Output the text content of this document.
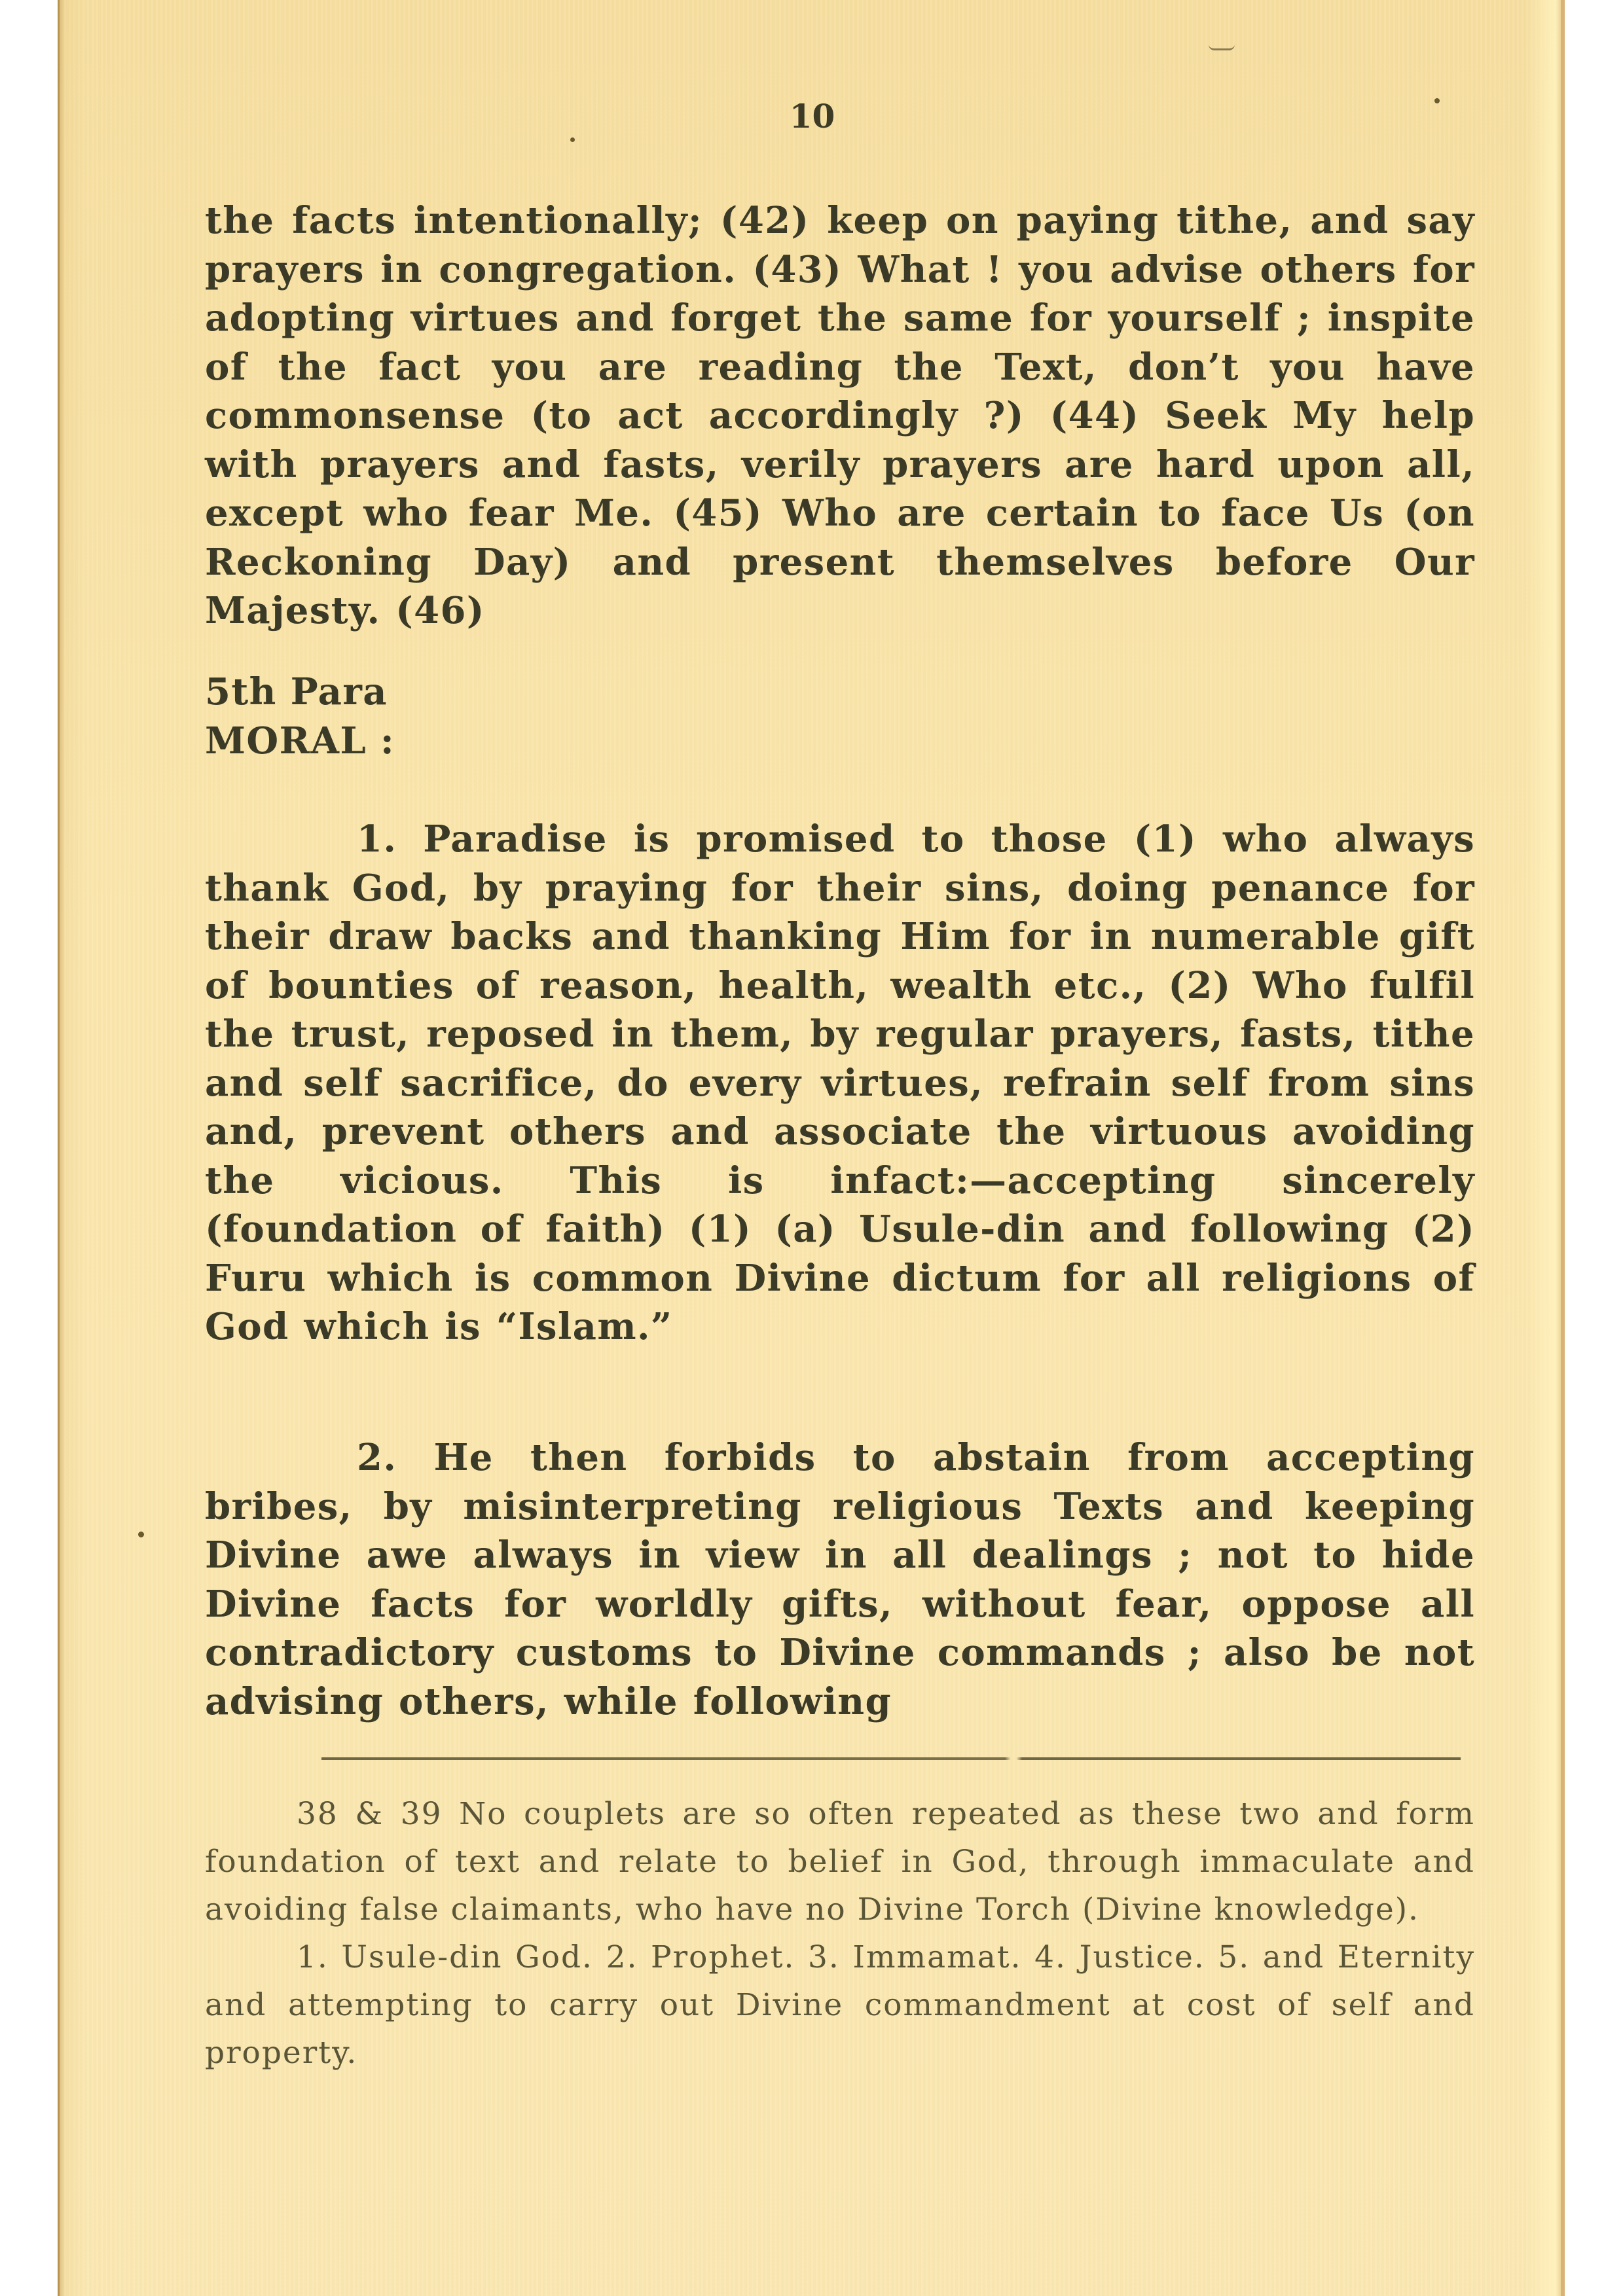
10

the facts intentionally; (42) keep on paying tithe, and say prayers in congregation. (43) What ! you advise others for adopting virtues and forget the same for yourself ; inspite of the fact you are reading the Text, don’t you have commonsense (to act accordingly ?) (44) Seek My help with prayers and fasts, verily prayers are hard upon all, except who fear Me. (45) Who are certain to face Us (on Reckoning Day) and present themselves before Our Majesty. (46)

5th Para

MORAL :

1. Paradise is promised to those (1) who always thank God, by praying for their sins, doing penance for their draw backs and thanking Him for in numerable gift of bounties of reason, health, wealth etc., (2) Who fulfil the trust, reposed in them, by regular prayers, fasts, tithe and self sacrifice, do every virtues, refrain self from sins and, prevent others and associate the virtuous avoiding the vicious. This is infact:—accepting sincerely (foundation of faith) (1) (a) Usule-din and following (2) Furu which is common Divine dictum for all religions of God which is “Islam.”

2. He then forbids to abstain from accepting bribes, by misinterpreting religious Texts and keeping Divine awe always in view in all dealings ; not to hide Divine facts for worldly gifts, without fear, oppose all contradictory customs to Divine commands ; also be not advising others, while following

38 & 39 No couplets are so often repeated as these two and form foundation of text and relate to belief in God, through immaculate and avoiding false claimants, who have no Divine Torch (Divine knowledge).

1. Usule-din God. 2. Prophet. 3. Immamat. 4. Justice. 5. and Eternity and attempting to carry out Divine commandment at cost of self and property.
